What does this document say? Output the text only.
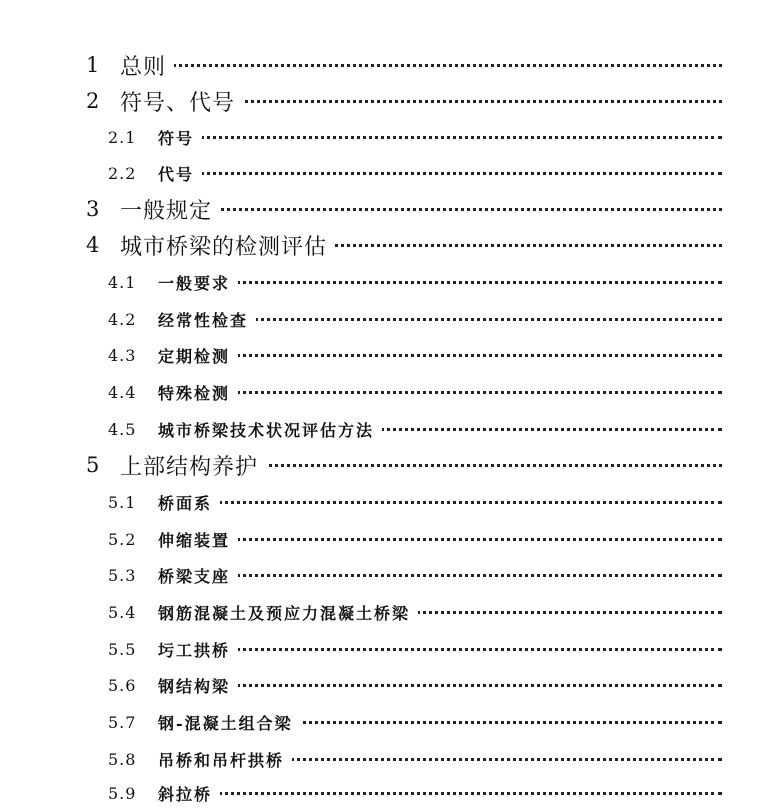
1 总则
2 符号、代号
2.1 符号
2.2 代号
3 一般规定
4 城市桥梁的检测评估
4.1 一般要求
4.2 经常性检查
4.3 定期检测
4.4 特殊检测
4.5 城市桥梁技术状况评估方法
5 上部结构养护
5.1 桥面系
5.2 伸缩装置
5.3 桥梁支座
5.4 钢筋混凝土及预应力混凝土桥梁
5.5 圬工拱桥
5.6 钢结构梁
5.7 钢-混凝土组合梁
5.8 吊桥和吊杆拱桥
5.9 斜拉桥
